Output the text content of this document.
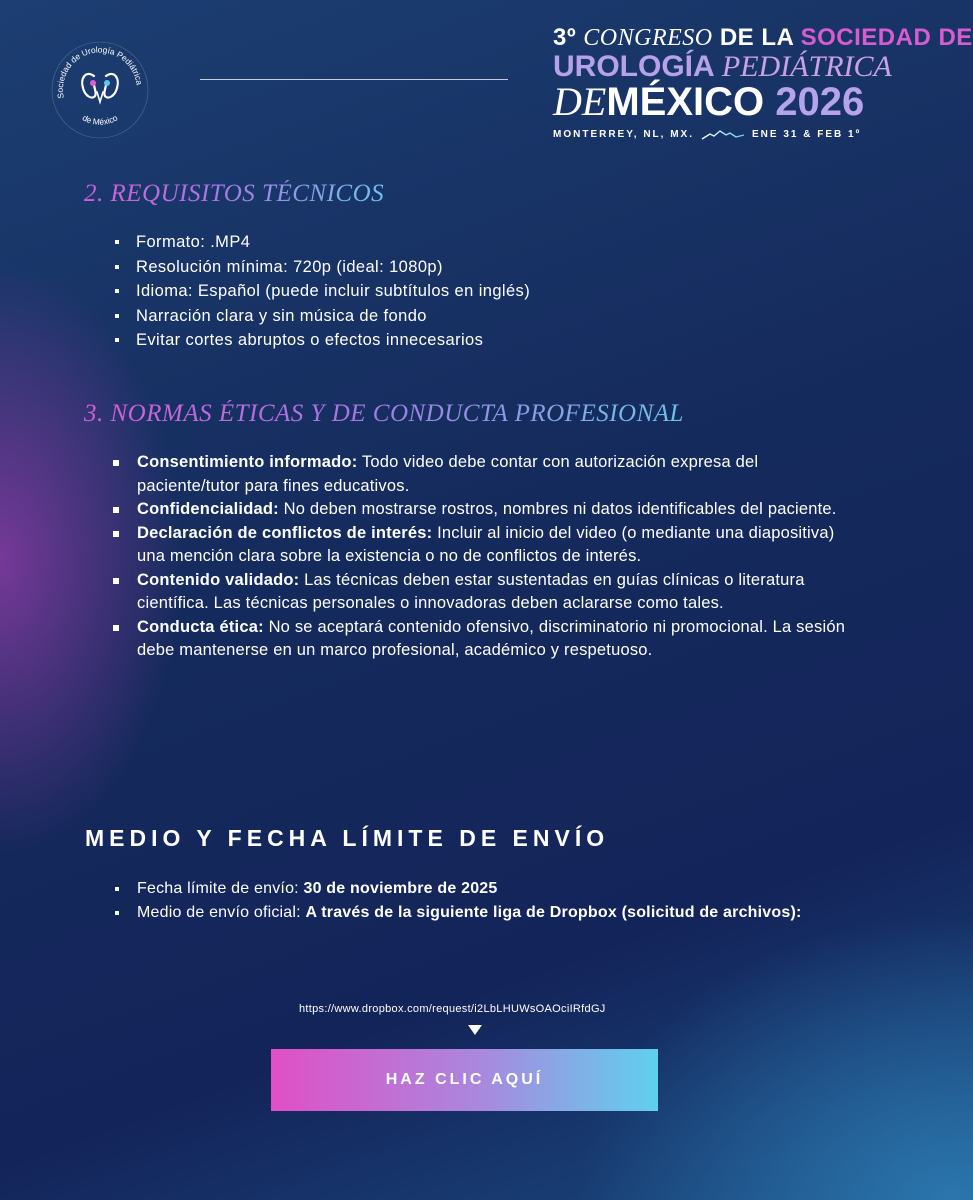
Sociedad de Urología Pediátrica
de México
3º CONGRESO DE LA SOCIEDAD DE
UROLOGÍA PEDIÁTRICA
DEMÉXICO 2026
MONTERREY, NL, MX.	ENE 31 & FEB 1º
2. REQUISITOS TÉCNICOS
Formato: .MP4
Resolución mínima: 720p (ideal: 1080p)
Idioma: Español (puede incluir subtítulos en inglés)
Narración clara y sin música de fondo
Evitar cortes abruptos o efectos innecesarios
3. NORMAS ÉTICAS Y DE CONDUCTA PROFESIONAL
Consentimiento informado: Todo video debe contar con autorización expresa del paciente/tutor para fines educativos.
Confidencialidad: No deben mostrarse rostros, nombres ni datos identificables del paciente.
Declaración de conflictos de interés: Incluir al inicio del video (o mediante una diapositiva) una mención clara sobre la existencia o no de conflictos de interés.
Contenido validado: Las técnicas deben estar sustentadas en guías clínicas o literatura científica. Las técnicas personales o innovadoras deben aclararse como tales.
Conducta ética: No se aceptará contenido ofensivo, discriminatorio ni promocional. La sesión debe mantenerse en un marco profesional, académico y respetuoso.
MEDIO Y FECHA LÍMITE DE ENVÍO
Fecha límite de envío: 30 de noviembre de 2025
Medio de envío oficial: A través de la siguiente liga de Dropbox (solicitud de archivos):
https://www.dropbox.com/request/i2LbLHUWsOAOciIRfdGJ
HAZ CLIC AQUÍ
